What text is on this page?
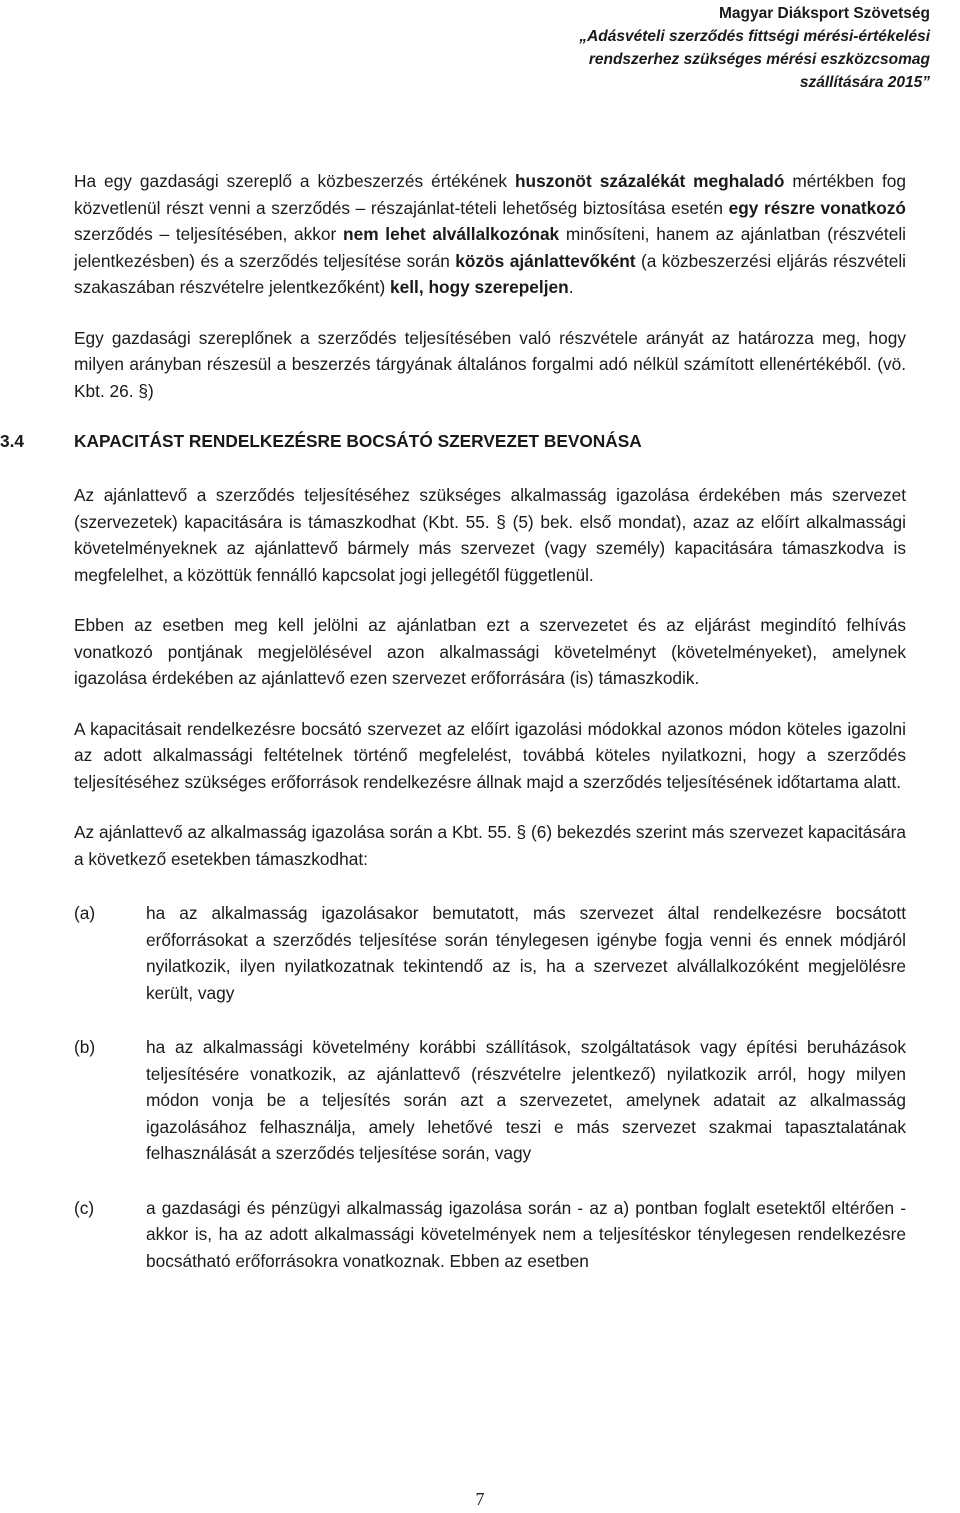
Magyar Diáksport Szövetség
„Adásvételi szerződés fittségi mérési-értékelési
rendszerhez szükséges mérési eszközcsomag
szállítására 2015”

Ha egy gazdasági szereplő a közbeszerzés értékének huszonöt százalékát meghaladó mértékben fog közvetlenül részt venni a szerződés – részajánlat-tételi lehetőség biztosítása esetén egy részre vonatkozó szerződés – teljesítésében, akkor nem lehet alvállalkozónak minősíteni, hanem az ajánlatban (részvételi jelentkezésben) és a szerződés teljesítése során közös ajánlattevőként (a közbeszerzési eljárás részvételi szakaszában részvételre jelentkezőként) kell, hogy szerepeljen.

Egy gazdasági szereplőnek a szerződés teljesítésében való részvétele arányát az határozza meg, hogy milyen arányban részesül a beszerzés tárgyának általános forgalmi adó nélkül számított ellenértékéből. (vö. Kbt. 26. §)

3.4	KAPACITÁST RENDELKEZÉSRE BOCSÁTÓ SZERVEZET BEVONÁSA

Az ajánlattevő a szerződés teljesítéséhez szükséges alkalmasság igazolása érdekében más szervezet (szervezetek) kapacitására is támaszkodhat (Kbt. 55. § (5) bek. első mondat), azaz az előírt alkalmassági követelményeknek az ajánlattevő bármely más szervezet (vagy személy) kapacitására támaszkodva is megfelelhet, a közöttük fennálló kapcsolat jogi jellegétől függetlenül.

Ebben az esetben meg kell jelölni az ajánlatban ezt a szervezetet és az eljárást megindító felhívás vonatkozó pontjának megjelölésével azon alkalmassági követelményt (követelményeket), amelynek igazolása érdekében az ajánlattevő ezen szervezet erőforrására (is) támaszkodik.

A kapacitásait rendelkezésre bocsátó szervezet az előírt igazolási módokkal azonos módon köteles igazolni az adott alkalmassági feltételnek történő megfelelést, továbbá köteles nyilatkozni, hogy a szerződés teljesítéséhez szükséges erőforrások rendelkezésre állnak majd a szerződés teljesítésének időtartama alatt.

Az ajánlattevő az alkalmasság igazolása során a Kbt. 55. § (6) bekezdés szerint más szervezet kapacitására a következő esetekben támaszkodhat:

(a)	ha az alkalmasság igazolásakor bemutatott, más szervezet által rendelkezésre bocsátott erőforrásokat a szerződés teljesítése során ténylegesen igénybe fogja venni és ennek módjáról nyilatkozik, ilyen nyilatkozatnak tekintendő az is, ha a szervezet alvállalkozóként megjelölésre került, vagy

(b)	ha az alkalmassági követelmény korábbi szállítások, szolgáltatások vagy építési beruházások teljesítésére vonatkozik, az ajánlattevő (részvételre jelentkező) nyilatkozik arról, hogy milyen módon vonja be a teljesítés során azt a szervezetet, amelynek adatait az alkalmasság igazolásához felhasználja, amely lehetővé teszi e más szervezet szakmai tapasztalatának felhasználását a szerződés teljesítése során, vagy

(c)	a gazdasági és pénzügyi alkalmasság igazolása során - az a) pontban foglalt esetektől eltérően - akkor is, ha az adott alkalmassági követelmények nem a teljesítéskor ténylegesen rendelkezésre bocsátható erőforrásokra vonatkoznak. Ebben az esetben

7
